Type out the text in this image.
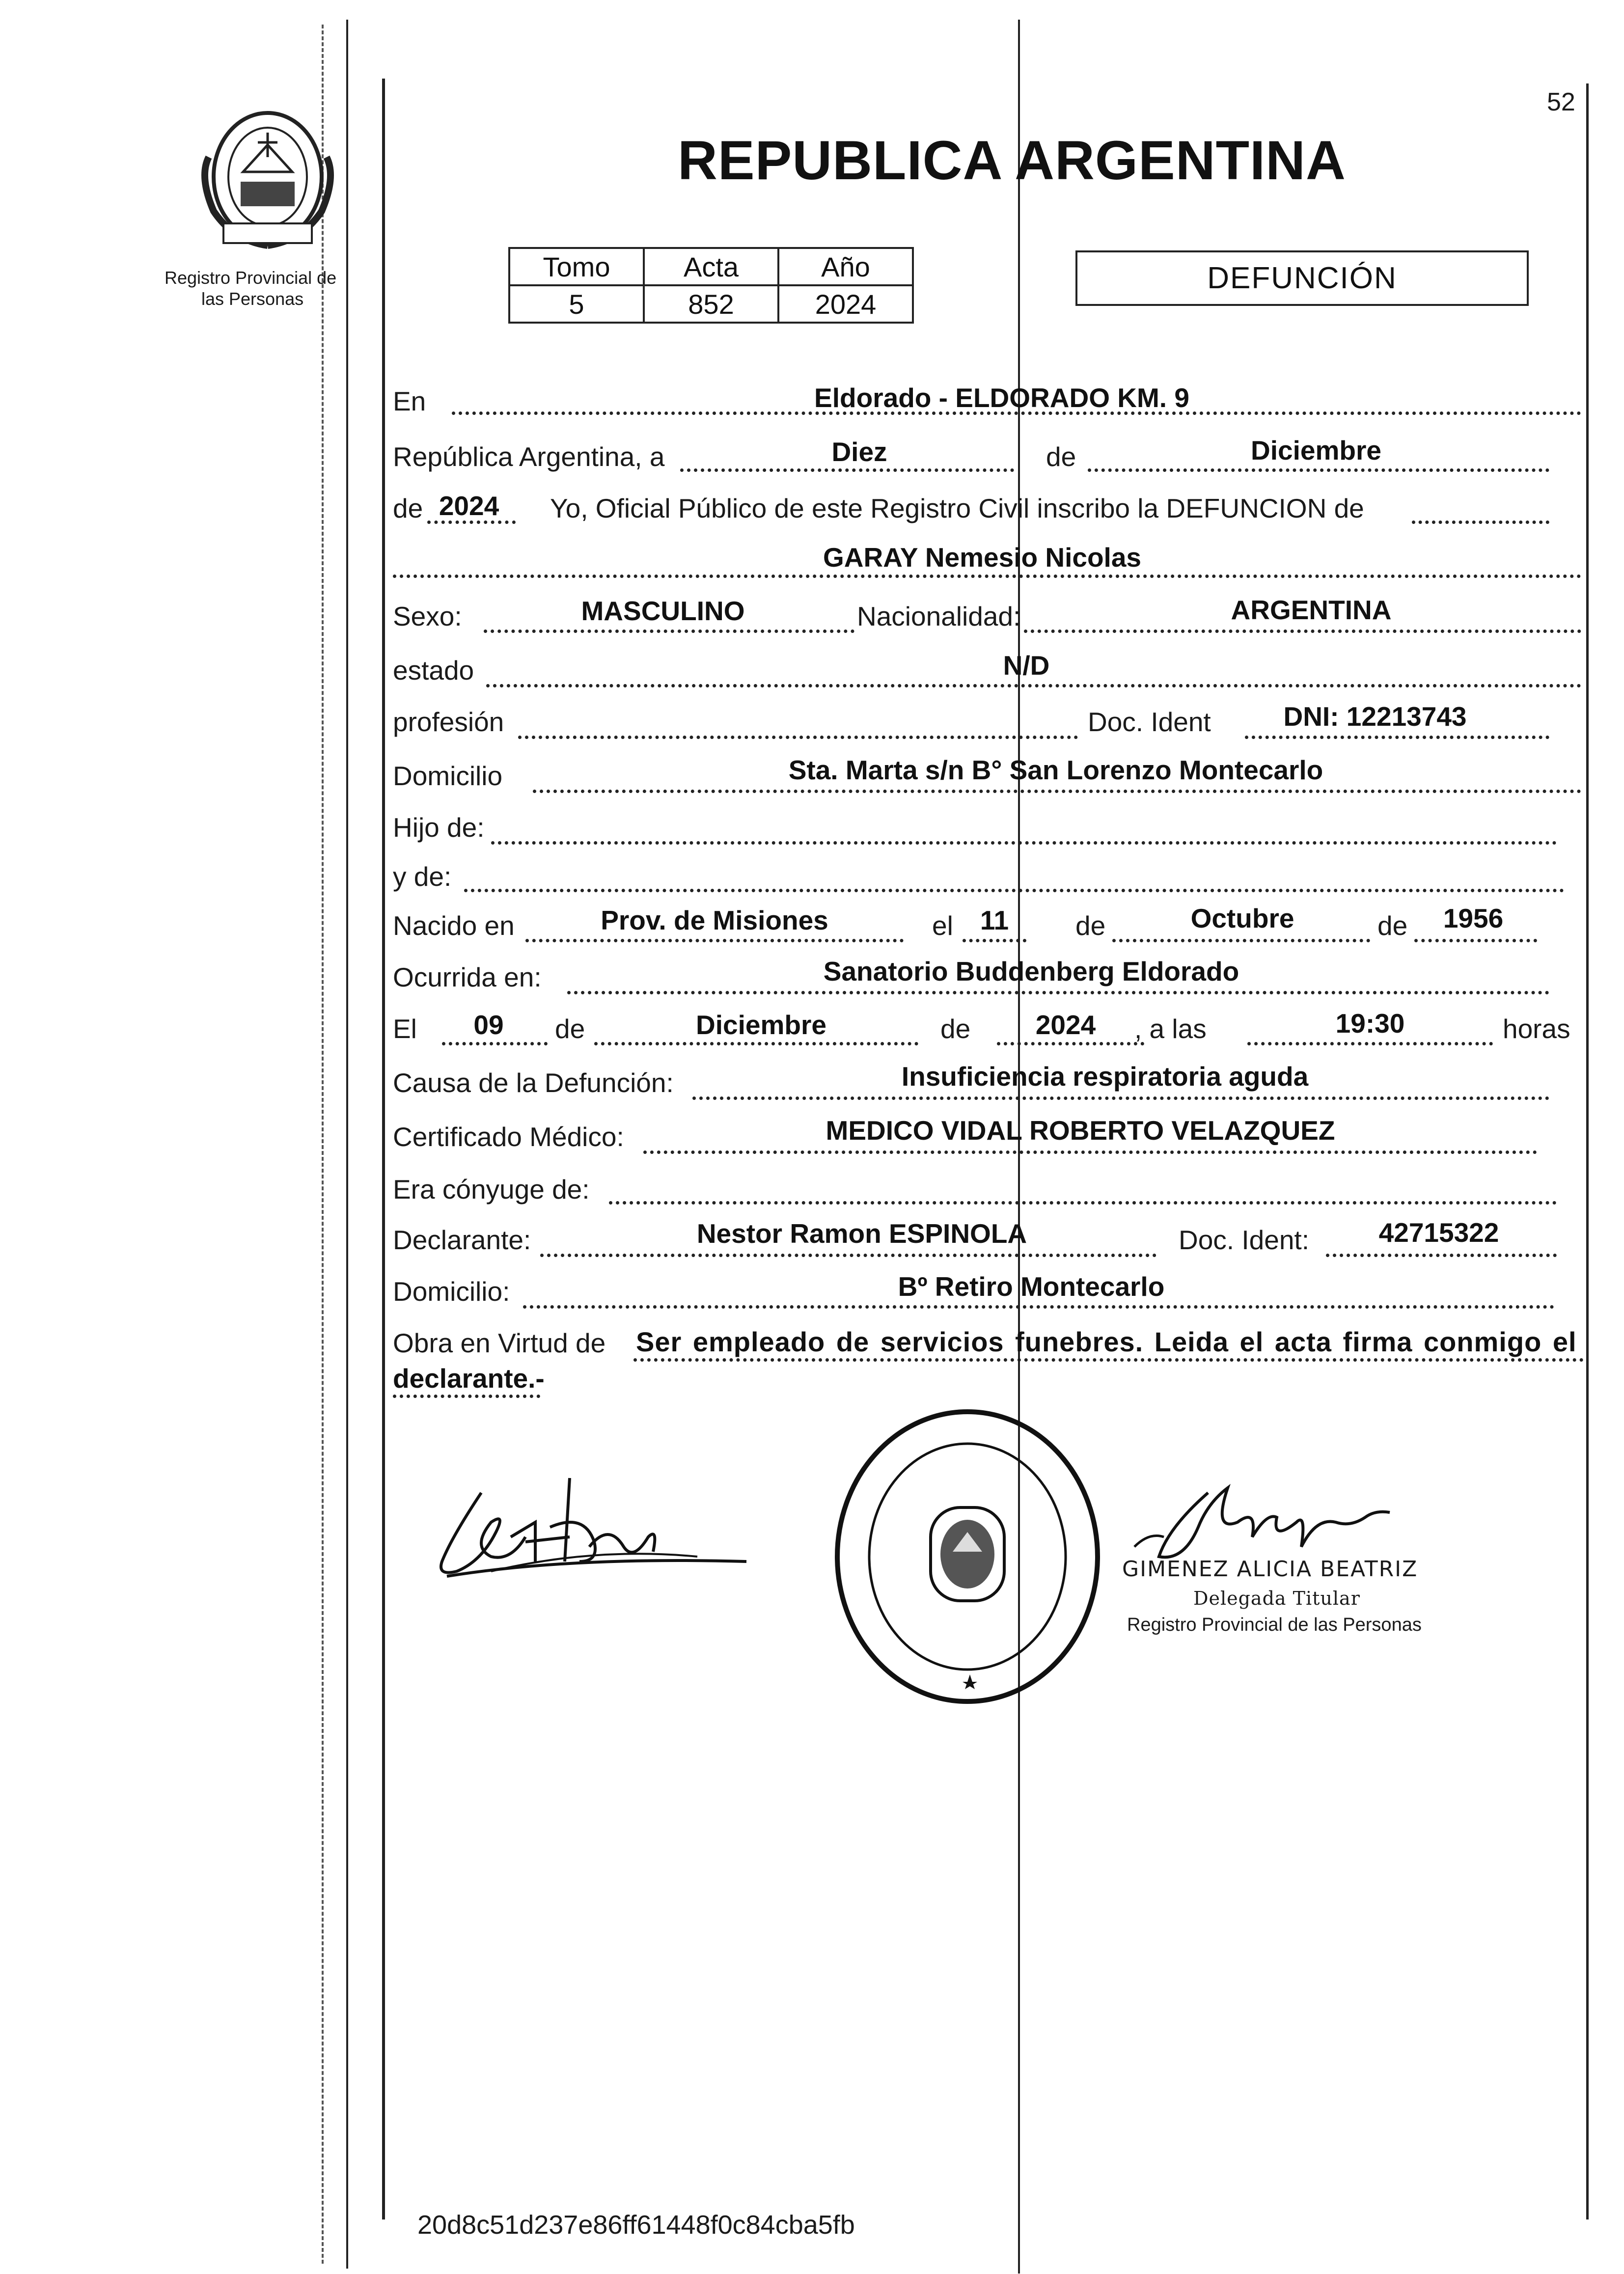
52
Registro Provincial de
las Personas
REPUBLICA ARGENTINA
Tomo	Acta	Año
5	852	2024
DEFUNCIÓN
En	Eldorado - ELDORADO KM. 9
República Argentina, a	Diez	de	Diciembre
de 2024 Yo, Oficial Público de este Registro Civil inscribo la DEFUNCION de
GARAY Nemesio Nicolas
Sexo:	MASCULINO	Nacionalidad:	ARGENTINA
estado	N/D
profesión	Doc. Ident	DNI: 12213743
Domicilio	Sta. Marta s/n B° San Lorenzo Montecarlo
Hijo de:
y de:
Nacido en	Prov. de Misiones	el	11	de	Octubre	de	1956
Ocurrida en:	Sanatorio Buddenberg Eldorado
El	09	de	Diciembre	de	2024	, a las	19:30	horas
Causa de la Defunción:	Insuficiencia respiratoria aguda
Certificado Médico:	MEDICO VIDAL ROBERTO VELAZQUEZ
Era cónyuge de:
Declarante:	Nestor Ramon ESPINOLA	Doc. Ident:	42715322
Domicilio:	Bº Retiro Montecarlo
Obra en Virtud de Ser empleado de servicios funebres. Leida el acta firma conmigo el
declarante.-
GIMENEZ ALICIA BEATRIZ
Delegada Titular
Registro Provincial de las Personas
20d8c51d237e86ff61448f0c84cba5fb
